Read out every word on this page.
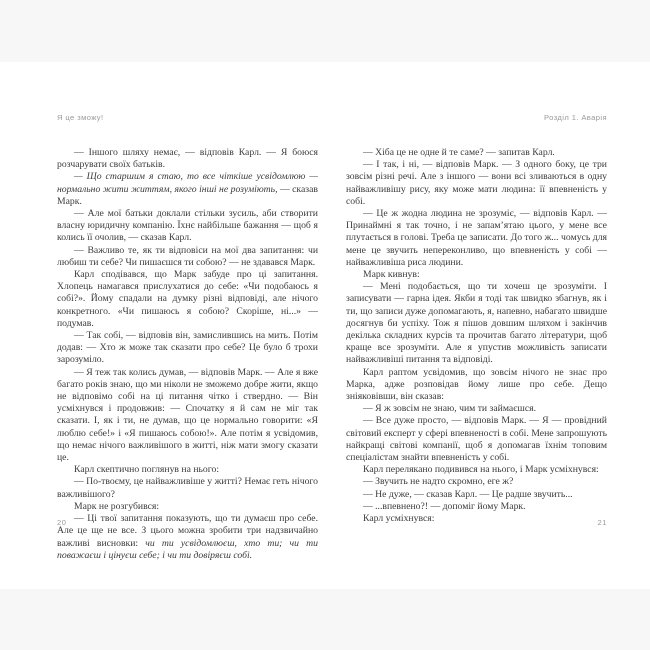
Я це зможу!

— Іншого шляху немає, — відповів Карл. — Я боюся розчарувати своїх батьків.

— Що старшим я стаю, то все чіткіше усвідомлюю — нормально жити життям, якого інші не розуміють, — сказав Марк.

— Але мої батьки доклали стільки зусиль, аби створити власну юридичну компанію. Їхнє найбільше бажання — щоб я колись її очолив, — сказав Карл.

— Важливо те, як ти відповіси на мої два запитання: чи любиш ти себе? Чи пишаєшся ти собою? — не здавався Марк.

Карл сподівався, що Марк забуде про ці запитання. Хлопець намагався прислухатися до себе: «Чи подобаюсь я собі?». Йому спадали на думку різні відповіді, але нічого конкретного. «Чи пишаюсь я собою? Скоріше, ні...» — подумав.

— Так собі, — відповів він, замислившись на мить. Потім додав: — Хто ж може так сказати про себе? Це було б трохи зарозуміло.

— Я теж так колись думав, — відповів Марк. — Але я вже багато років знаю, що ми ніколи не зможемо добре жити, якщо не відповімо собі на ці питання чітко і ствердно. — Він усміхнувся і продовжив: — Спочатку я й сам не міг так сказати. І, як і ти, не думав, що це нормально говорити: «Я люблю себе!» і «Я пишаюсь собою!». Але потім я усвідомив, що немає нічого важливішого в житті, ніж мати змогу сказати це.

Карл скептично поглянув на нього:

— По-твоєму, це найважливіше у житті? Немає геть нічого важливішого?

Марк не розгубився:

— Ці твої запитання показують, що ти думаєш про себе. Але це ще не все. З цього можна зробити три надзвичайно важливі висновки: чи ти усвідомлюєш, хто ти; чи ти поважаєш і цінуєш себе; і чи ти довіряєш собі.

20
Розділ 1. Аварія

— Хіба це не одне й те саме? — запитав Карл.

— І так, і ні, — відповів Марк. — З одного боку, це три зовсім різні речі. Але з іншого — вони всі зливаються в одну найважливішу рису, яку може мати людина: її впевненість у собі.

— Це ж жодна людина не зрозуміє, — відповів Карл. — Принаймні я так точно, і не запам’ятаю цього, у мене все плутається в голові. Треба це записати. До того ж... чомусь для мене це звучить непереконливо, що впевненість у собі — найважливіша риса людини.

Марк кивнув:

— Мені подобається, що ти хочеш це зрозуміти. І записувати — гарна ідея. Якби я тоді так швидко збагнув, як і ти, що записи дуже допомагають, я, напевно, набагато швидше досягнув би успіху. Тож я пішов довшим шляхом і закінчив декілька складних курсів та прочитав багато літератури, щоб краще все зрозуміти. Але я упустив можливість записати найважливіші питання та відповіді.

Карл раптом усвідомив, що зовсім нічого не знає про Марка, адже розповідав йому лише про себе. Дещо зніяковівши, він сказав:

— Я ж зовсім не знаю, чим ти займаєшся.

— Все дуже просто, — відповів Марк. — Я — провідний світовий експерт у сфері впевненості в собі. Мене запрошують найкращі світові компанії, щоб я допомагав їхнім топовим спеціалістам знайти впевненість у собі.

Карл перелякано подивився на нього, і Марк усміхнувся:

— Звучить не надто скромно, еге ж?

— Не дуже, — сказав Карл. — Це радше звучить...

— ...впевнено?! — допоміг йому Марк.

Карл усміхнувся:	21
